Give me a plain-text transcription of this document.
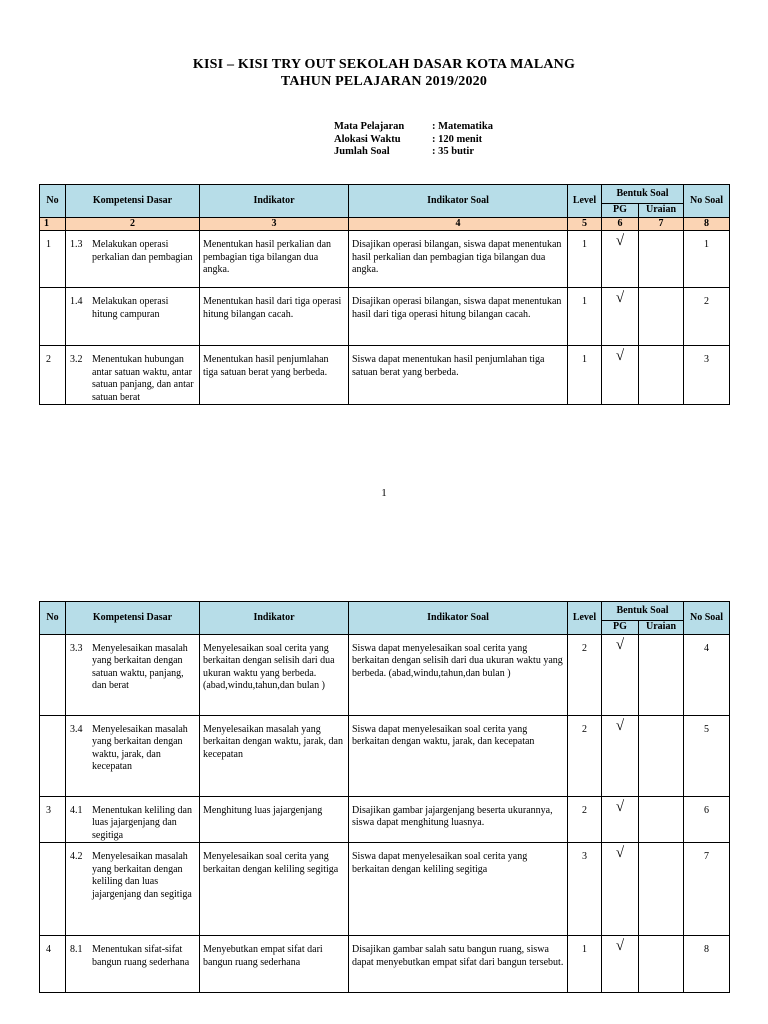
KISI – KISI TRY OUT SEKOLAH DASAR KOTA MALANG
TAHUN PELAJARAN 2019/2020
Mata Pelajaran	: Matematika
Alokasi Waktu	: 120 menit
Jumlah Soal	: 35 butir
No	Kompetensi Dasar	Indikator	Indikator Soal	Level	Bentuk Soal		No Soal
					PG	Uraian	
1	2	3	4	5	6	7	8
1	1.3 Melakukan operasi perkalian dan pembagian	Menentukan hasil perkalian dan pembagian tiga bilangan dua angka.	Disajikan operasi bilangan, siswa dapat menentukan hasil perkalian dan pembagian tiga bilangan dua angka.	1	√		1

	1.4 Melakukan operasi hitung campuran	Menentukan hasil dari tiga operasi hitung bilangan cacah.	Disajikan operasi bilangan, siswa dapat menentukan hasil dari tiga operasi hitung bilangan cacah.	1	√		2
2	3.2 Menentukan hubungan antar satuan waktu, antar satuan panjang, dan antar satuan berat	Menentukan hasil penjumlahan tiga satuan berat yang berbeda.	Siswa dapat menentukan hasil penjumlahan tiga satuan berat yang berbeda.	1	√		3
1
No	Kompetensi Dasar	Indikator	Indikator Soal	Level	Bentuk Soal		No Soal
					PG	Uraian	

	3.3 Menyelesaikan masalah yang berkaitan dengan satuan waktu, panjang, dan berat	Menyelesaikan soal cerita yang berkaitan dengan selisih dari dua ukuran waktu yang berbeda. (abad,windu,tahun,dan bulan )	Siswa dapat menyelesaikan soal cerita yang berkaitan dengan selisih dari dua ukuran waktu yang berbeda. (abad,windu,tahun,dan bulan )	2	√		4

	3.4 Menyelesaikan masalah yang berkaitan dengan waktu, jarak, dan kecepatan	Menyelesaikan masalah yang berkaitan dengan waktu, jarak, dan kecepatan	Siswa dapat menyelesaikan soal cerita yang berkaitan dengan waktu, jarak, dan kecepatan	2	√		5
3	4.1 Menentukan keliling dan luas jajargenjang dan segitiga	Menghitung luas jajargenjang	Disajikan gambar jajargenjang beserta ukurannya, siswa dapat menghitung luasnya.	2	√		6

	4.2 Menyelesaikan masalah yang berkaitan dengan keliling dan luas jajargenjang dan segitiga	Menyelesaikan soal cerita yang berkaitan dengan keliling segitiga	Siswa dapat menyelesaikan soal cerita yang berkaitan dengan keliling segitiga	3	√		7
4	8.1 Menentukan sifat-sifat bangun ruang sederhana	Menyebutkan empat sifat dari bangun ruang sederhana	Disajikan gambar salah satu bangun ruang, siswa dapat menyebutkan empat sifat dari bangun tersebut.	1	√		8
